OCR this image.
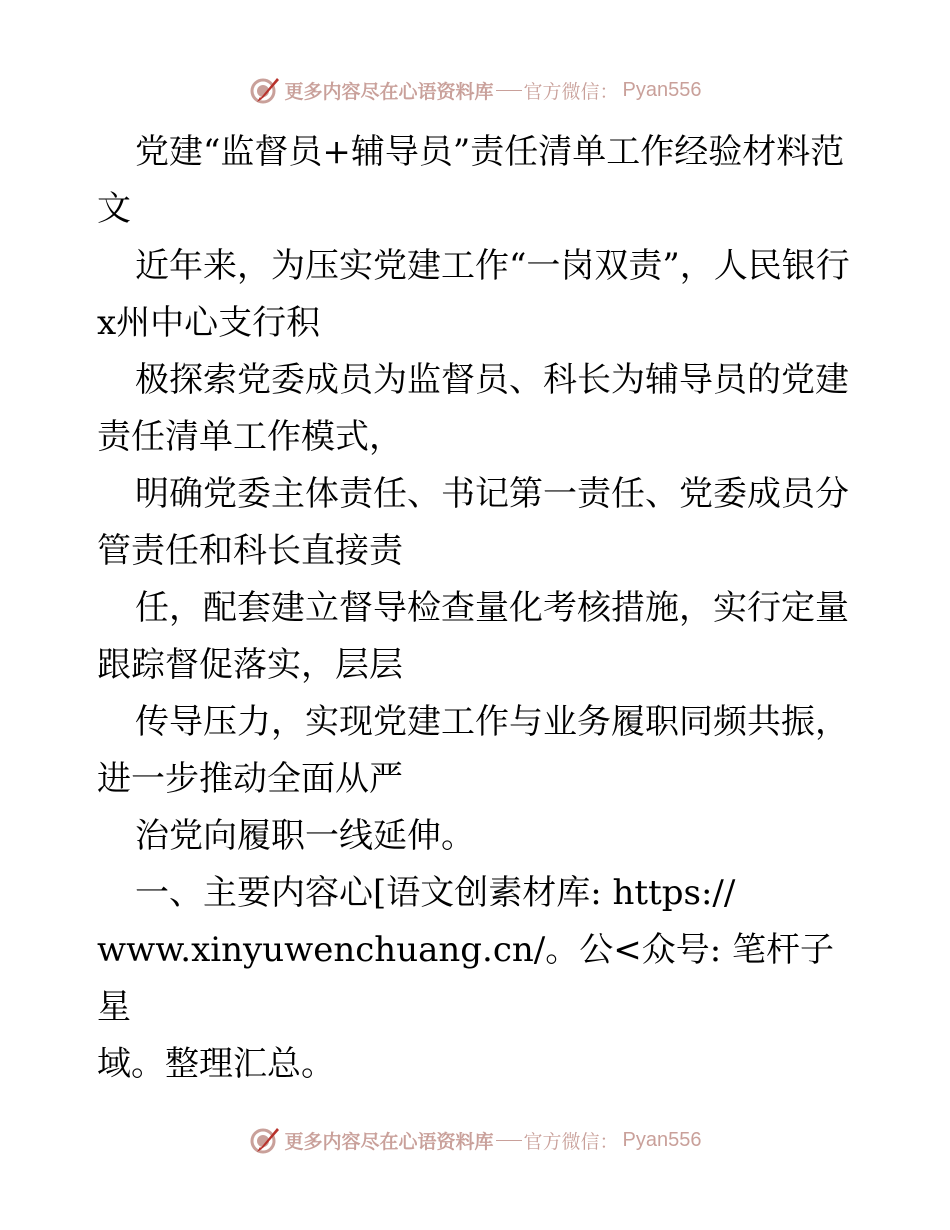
更多内容尽在心语资料库 官方微信： Pyan556

党建“监督员+辅导员”责任清单工作经验材料范文

近年来，为压实党建工作“一岗双责”，人民银行 x州中心支行积

极探索党委成员为监督员、科长为辅导员的党建责任清单工作模式，

明确党委主体责任、书记第一责任、党委成员分管责任和科长直接责

任，配套建立督导检查量化考核措施，实行定量跟踪督促落实，层层

传导压力，实现党建工作与业务履职同频共振，进一步推动全面从严

治党向履职一线延伸。

一、主要内容心[语文创素材库: https://

www.xinyuwenchuang.cn/。公<众号: 笔杆子星

域。整理汇总。

更多内容尽在心语资料库 官方微信： Pyan556
